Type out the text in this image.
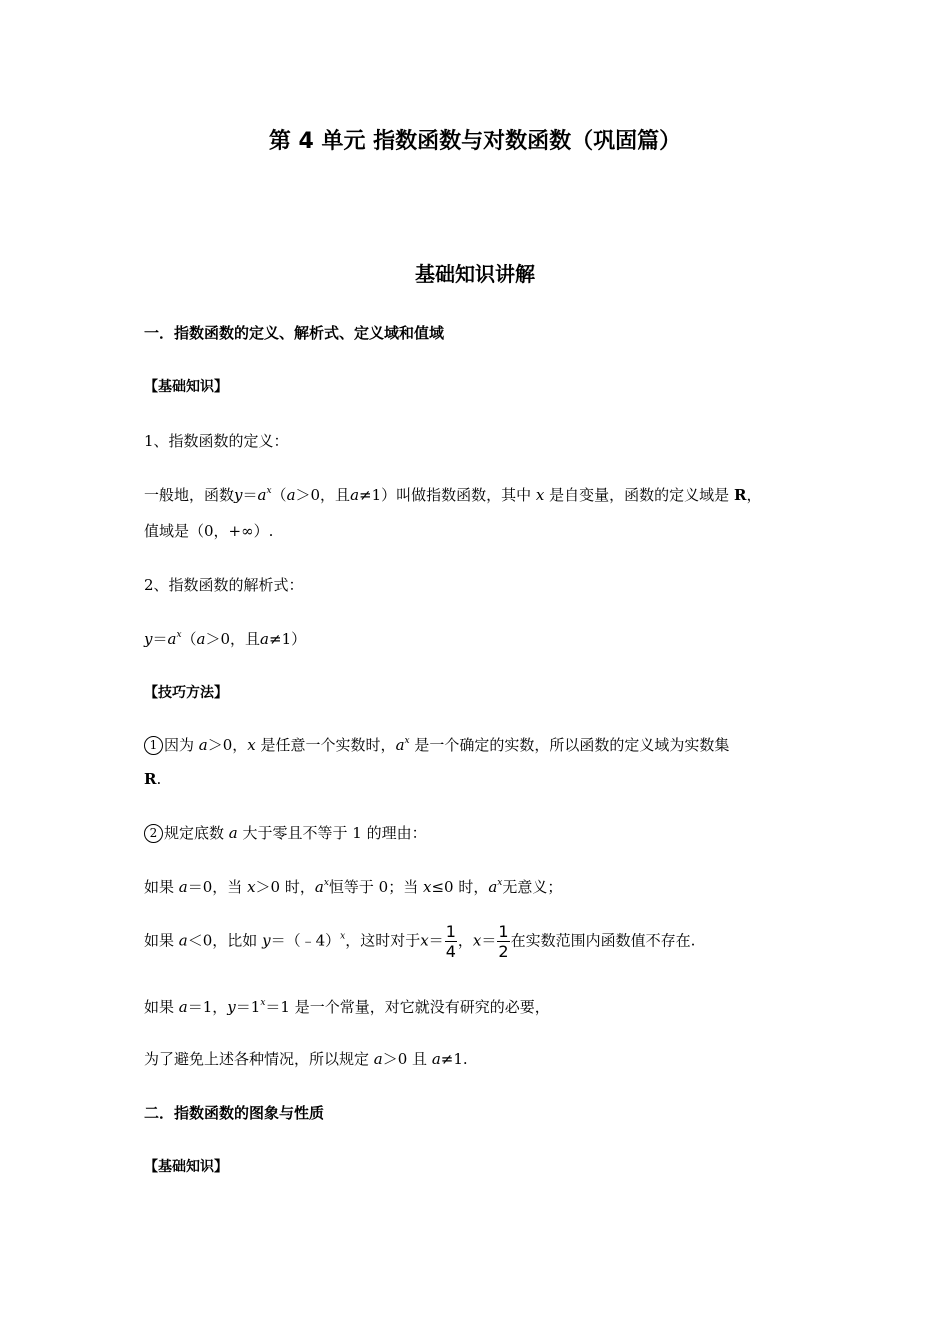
第 4 单元 指数函数与对数函数（巩固篇）
基础知识讲解
一．指数函数的定义、解析式、定义域和值域
【基础知识】
1、指数函数的定义：
一般地，函数$y=a^x(a>0$，且a≠1）叫做指数函数，其中 x 是自变量，函数的定义域是 R，
值域是（0，+∞）.
2、指数函数的解析式：
$y=a^x(a>0$，且a≠1）
【技巧方法】
1 因为 a＞0，x 是任意一个实数时，$a^x$ 是一个确定的实数，所以函数的定义域为实数集
R.
2 规定底数 a 大于零且不等于 1 的理由：
如果 a＝0，当 x＞0 时，$a^x$恒等于 0；当 x≤0 时，$a^x$无意义；
如果 a＜0，比如 y＝（﹣4）$^x$，这时对于$x= \frac{1}{4}$ ，$x= \frac{1}{2}$ 在实数范围内函数值不存在.
如果 a＝1，$y=1^x=1$ 是一个常量，对它就没有研究的必要，
为了避免上述各种情况，所以规定 a＞0 且 a≠1.
二．指数函数的图象与性质
【基础知识】
